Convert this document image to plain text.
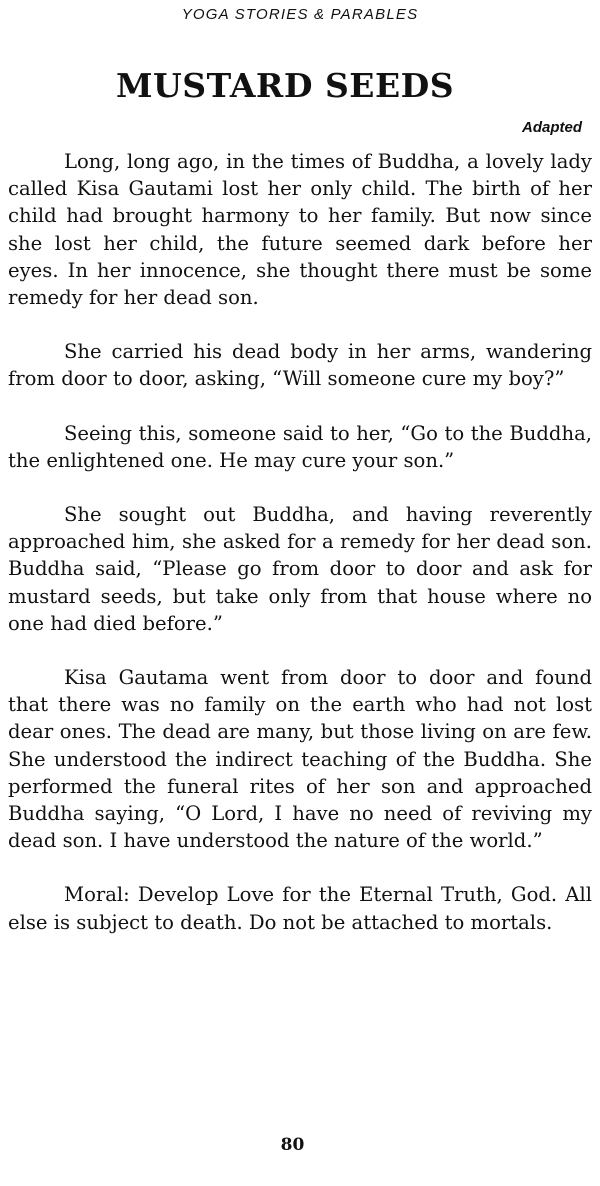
YOGA STORIES & PARABLES
MUSTARD SEEDS
Adapted

Long, long ago, in the times of Buddha, a lovely lady called Kisa Gautami lost her only child. The birth of her child had brought harmony to her family. But now since she lost her child, the future seemed dark before her eyes. In her innocence, she thought there must be some remedy for her dead son.

She carried his dead body in her arms, wandering from door to door, asking, “Will someone cure my boy?”

Seeing this, someone said to her, “Go to the Buddha, the enlightened one. He may cure your son.”

She sought out Buddha, and having reverently approached him, she asked for a remedy for her dead son. Buddha said, “Please go from door to door and ask for mustard seeds, but take only from that house where no one had died before.”

Kisa Gautama went from door to door and found that there was no family on the earth who had not lost dear ones. The dead are many, but those living on are few. She understood the indirect teaching of the Buddha. She performed the funeral rites of her son and approached Buddha saying, “O Lord, I have no need of reviving my dead son. I have understood the nature of the world.”

Moral: Develop Love for the Eternal Truth, God. All else is subject to death. Do not be attached to mortals.

80
